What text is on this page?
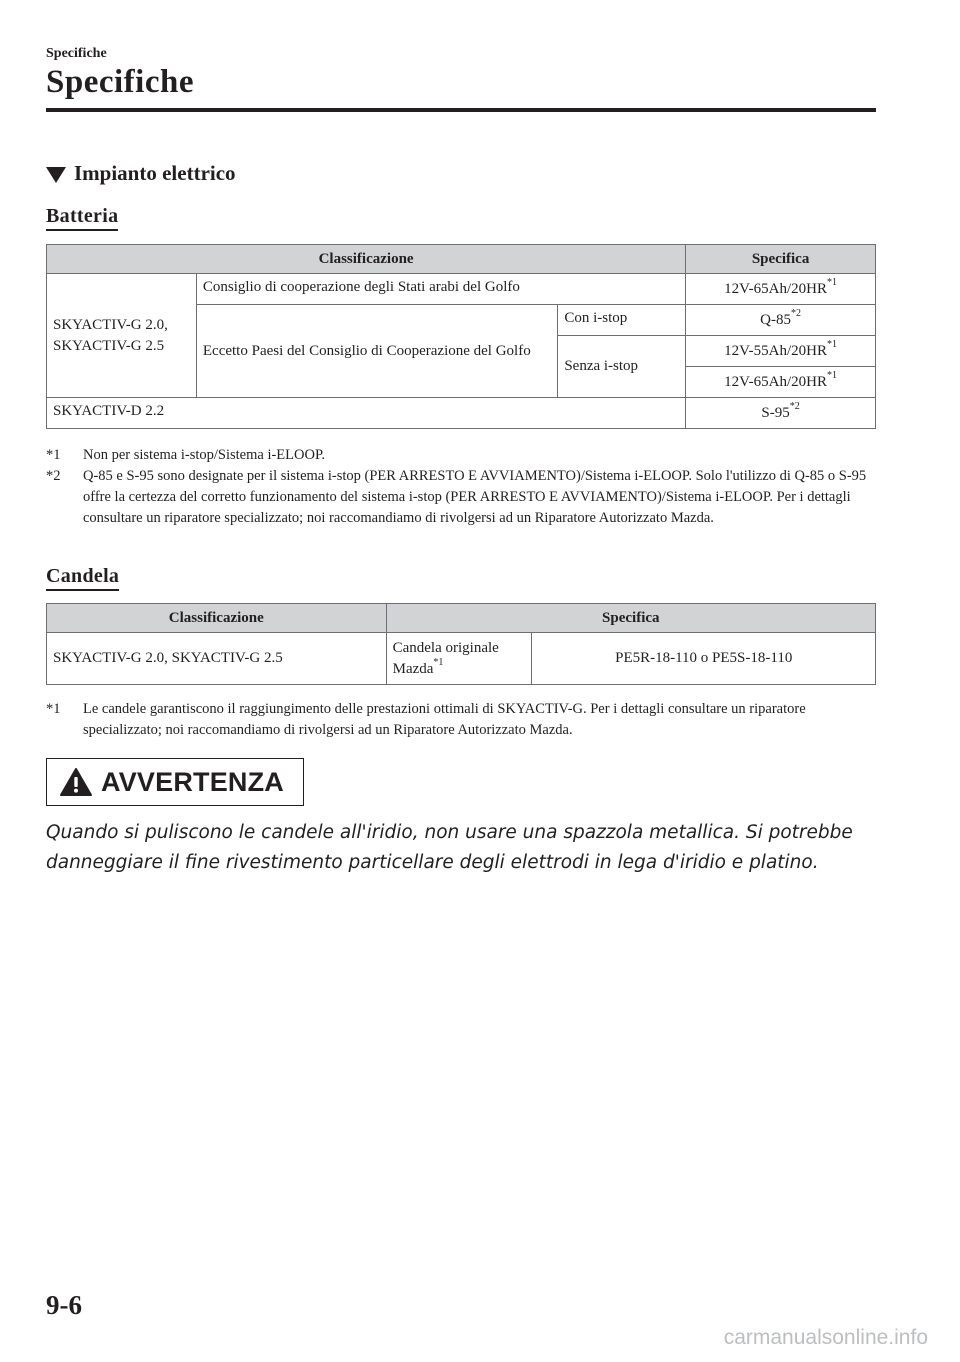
Specifiche
Specifiche
Impianto elettrico
Batteria
Classificazione			Specifica
SKYACTIV-G 2.0, SKYACTIV-G 2.5	Consiglio di cooperazione degli Stati arabi del Golfo		12V-65Ah/20HR$^{*1}$
	Eccetto Paesi del Consiglio di Cooperazione del Golfo	Con i-stop	Q-85$^{*2}$
		Senza i-stop	12V-55Ah/20HR$^{*1}$
			12V-65Ah/20HR$^{*1}$
SKYACTIV-D 2.2			S-95$^{*2}$
*1	Non per sistema i-stop/Sistema i-ELOOP.
*2	Q-85 e S-95 sono designate per il sistema i-stop (PER ARRESTO E AVVIAMENTO)/Sistema i-ELOOP. Solo l'utilizzo di Q-85 o S-95 offre la certezza del corretto funzionamento del sistema i-stop (PER ARRESTO E AVVIAMENTO)/Sistema i-ELOOP. Per i dettagli consultare un riparatore specializzato; noi raccomandiamo di rivolgersi ad un Riparatore Autorizzato Mazda.
Candela
Classificazione	Specifica	
SKYACTIV-G 2.0, SKYACTIV-G 2.5	Candela originale Mazda$^{*1}$	PE5R-18-110 o PE5S-18-110
*1	Le candele garantiscono il raggiungimento delle prestazioni ottimali di SKYACTIV-G. Per i dettagli consultare un riparatore specializzato; noi raccomandiamo di rivolgersi ad un Riparatore Autorizzato Mazda.
AVVERTENZA
Quando si puliscono le candele all'iridio, non usare una spazzola metallica. Si potrebbe danneggiare il fine rivestimento particellare degli elettrodi in lega d'iridio e platino.
9-6
carmanualsonline.info
